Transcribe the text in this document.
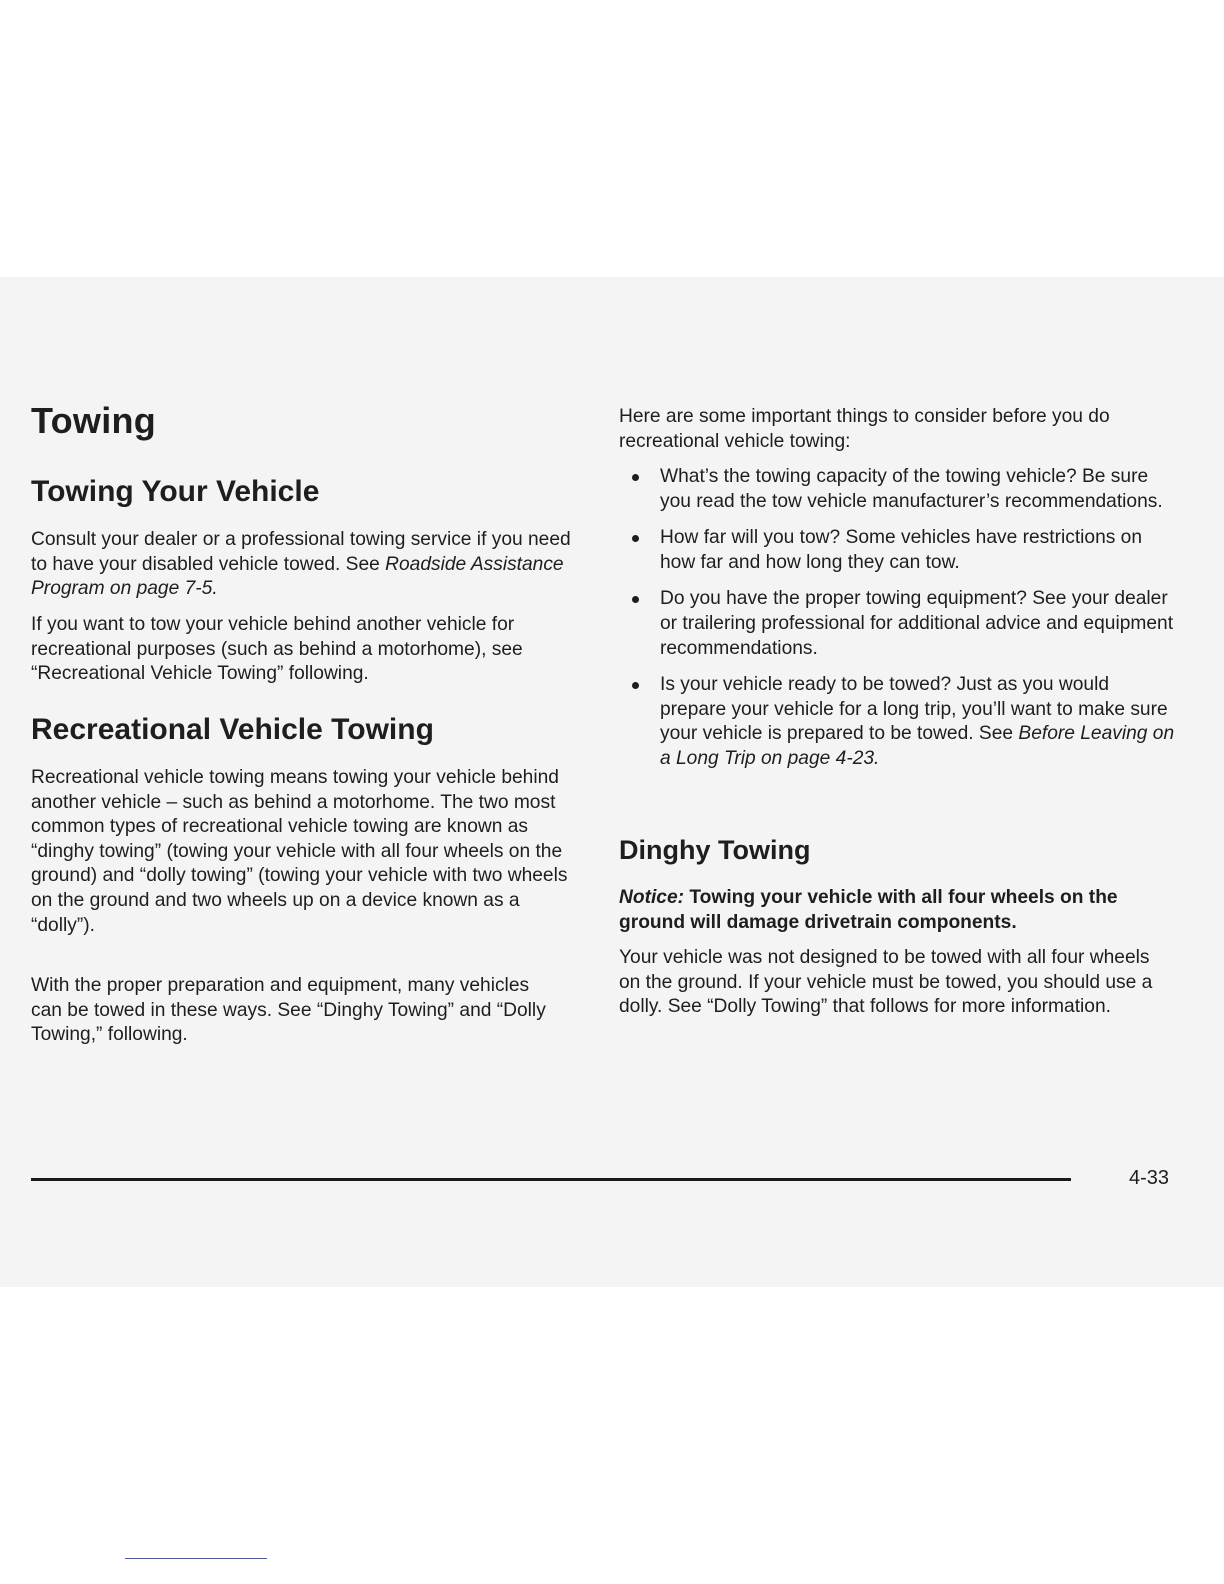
Towing
Towing Your Vehicle

Consult your dealer or a professional towing service if you need to have your disabled vehicle towed. See Roadside Assistance Program on page 7-5.

If you want to tow your vehicle behind another vehicle for recreational purposes (such as behind a motorhome), see “Recreational Vehicle Towing” following.

Recreational Vehicle Towing

Recreational vehicle towing means towing your vehicle behind another vehicle – such as behind a motorhome. The two most common types of recreational vehicle towing are known as “dinghy towing” (towing your vehicle with all four wheels on the ground) and “dolly towing” (towing your vehicle with two wheels on the ground and two wheels up on a device known as a “dolly”).

With the proper preparation and equipment, many vehicles can be towed in these ways. See “Dinghy Towing” and “Dolly Towing,” following.

Here are some important things to consider before you do recreational vehicle towing:

What’s the towing capacity of the towing vehicle? Be sure you read the tow vehicle manufacturer’s recommendations.
How far will you tow? Some vehicles have restrictions on how far and how long they can tow.
Do you have the proper towing equipment? See your dealer or trailering professional for additional advice and equipment recommendations.
Is your vehicle ready to be towed? Just as you would prepare your vehicle for a long trip, you’ll want to make sure your vehicle is prepared to be towed. See Before Leaving on a Long Trip on page 4-23.
Dinghy Towing

Notice: Towing your vehicle with all four wheels on the ground will damage drivetrain components.

Your vehicle was not designed to be towed with all four wheels on the ground. If your vehicle must be towed, you should use a dolly. See “Dolly Towing” that follows for more information.

4-33
